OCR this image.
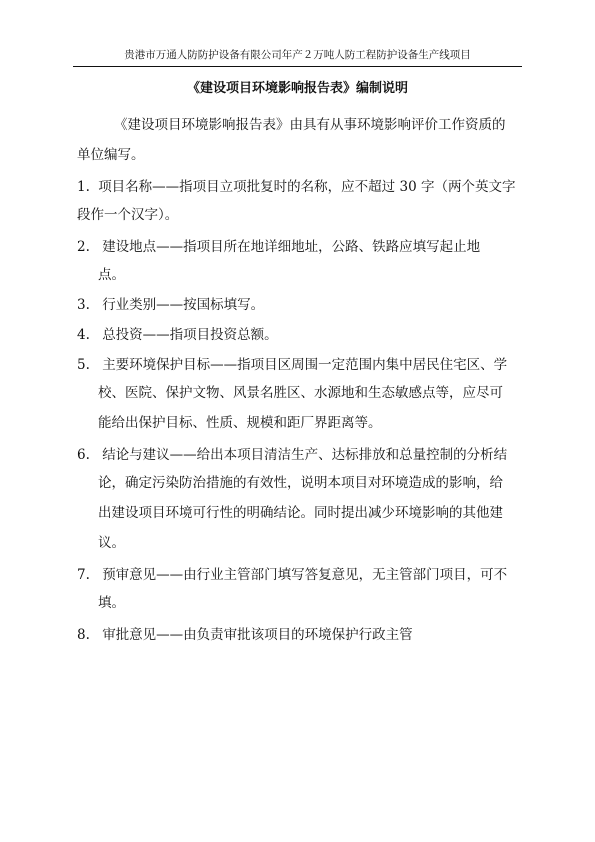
贵港市万通人防防护设备有限公司年产２万吨人防工程防护设备生产线项目
《建设项目环境影响报告表》编制说明
《建设项目环境影响报告表》由具有从事环境影响评价工作资质的
单位编写。
1. 项目名称——指项目立项批复时的名称，应不超过 30 字（两个英文字
段作一个汉字）。
2. 建设地点——指项目所在地详细地址，公路、铁路应填写起止地
点。
3. 行业类别——按国标填写。
4. 总投资——指项目投资总额。
5. 主要环境保护目标——指项目区周围一定范围内集中居民住宅区、学
校、医院、保护文物、风景名胜区、水源地和生态敏感点等，应尽可
能给出保护目标、性质、规模和距厂界距离等。
6. 结论与建议——给出本项目清洁生产、达标排放和总量控制的分析结
论，确定污染防治措施的有效性，说明本项目对环境造成的影响，给
出建设项目环境可行性的明确结论。同时提出减少环境影响的其他建
议。
7. 预审意见——由行业主管部门填写答复意见，无主管部门项目，可不
填。
8. 审批意见——由负责审批该项目的环境保护行政主管
